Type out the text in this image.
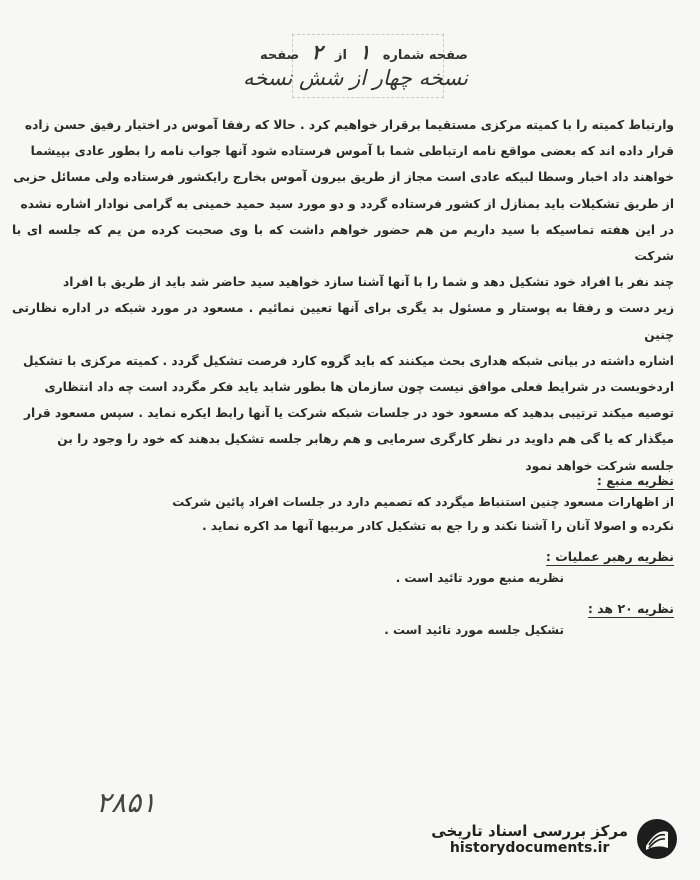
صفحه شماره ۱ از ۲ صفحه
نسخه چهار از شش نسخه

وارتباط کمیته را با کمیته مرکزی مستقیما برقرار خواهیم کرد . حالا که رفقا آموس در اختیار رفیق حسن زاده

قرار داده اند که بعضی مواقع نامه ارتباطی شما با آموس فرستاده شود آنها جواب نامه را بطور عادی بپیشما

خواهند داد اخبار وسطا لبیکه عادی است مجاز از طریق بیرون آموس بخارج رایکشور فرستاده ولی مسائل حزبی

از طریق تشکیلات باید بمنازل از کشور فرستاده گردد و دو مورد سید حمید خمینی به گرامی نوادار اشاره نشده

در این هفته تماسیکه با سید داریم من هم حضور خواهم داشت که با وی صحبت کرده من یم که جلسه ای با شرکت

چند نفر با افراد خود تشکیل دهد و شما را با آنها آشنا سازد خواهید سید حاضر شد باید از طریق با افراد

زیر دست و رفقا به پوستار و مسئول بد یگری برای آنها تعیین نمائیم . مسعود در مورد شبکه در اداره نظارتی چنین

اشاره داشته در بیانی شبکه هداری بحث میکنند که باید گروه کارد فرصت تشکیل گردد . کمیته مرکزی با تشکیل

اردخوبست در شرایط فعلی موافق نیست چون سازمان ها بطور شابد یاید فکر مگردد است چه داد انتظاری

توصیه میکند ترتیبی بدهید که مسعود خود در جلسات شبکه شرکت یا آنها رابط ایکره نماید . سپس مسعود قرار

میگذار که یا گی هم داوید در نظر کارگری سرمایی و هم رهابر جلسه تشکیل بدهند که خود را وجود را بن

جلسه شرکت خواهد نمود

نظریه منبع :
از اظهارات مسعود چنین استنباط میگردد که تصمیم دارد در جلسات افراد پائین شرکت
نکرده و اصولا آنان را آشنا نکند و را جع به تشکیل کادر مربیها آنها مد اکره نماید .
نظریه رهبر عملیات :
نظریه منبع مورد تائید است .
نظریه ۲۰ هد :
تشکیل جلسه مورد تائید است .
۲۸۵۱
مرکز بررسی اسناد تاریخی
historydocuments.ir
